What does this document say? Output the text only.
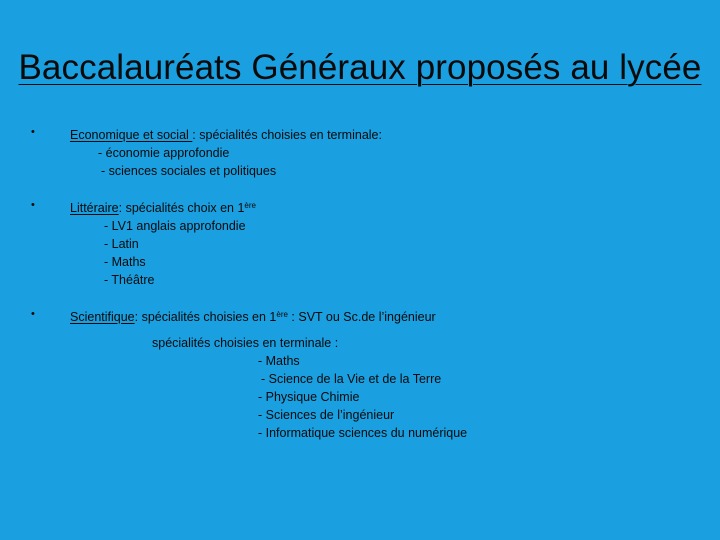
Baccalauréats Généraux proposés au lycée
•	Economique et social : spécialités choisies en terminale:
- économie approfondie
- sciences sociales et politiques
•	Littéraire: spécialités choix en 1ère
- LV1 anglais approfondie
- Latin
- Maths
- Théâtre
•	Scientifique: spécialités choisies en 1ère : SVT ou Sc.de l’ingénieur
spécialités choisies en terminale :
- Maths
- Science de la Vie et de la Terre
- Physique Chimie
- Sciences de l’ingénieur
- Informatique sciences du numérique
